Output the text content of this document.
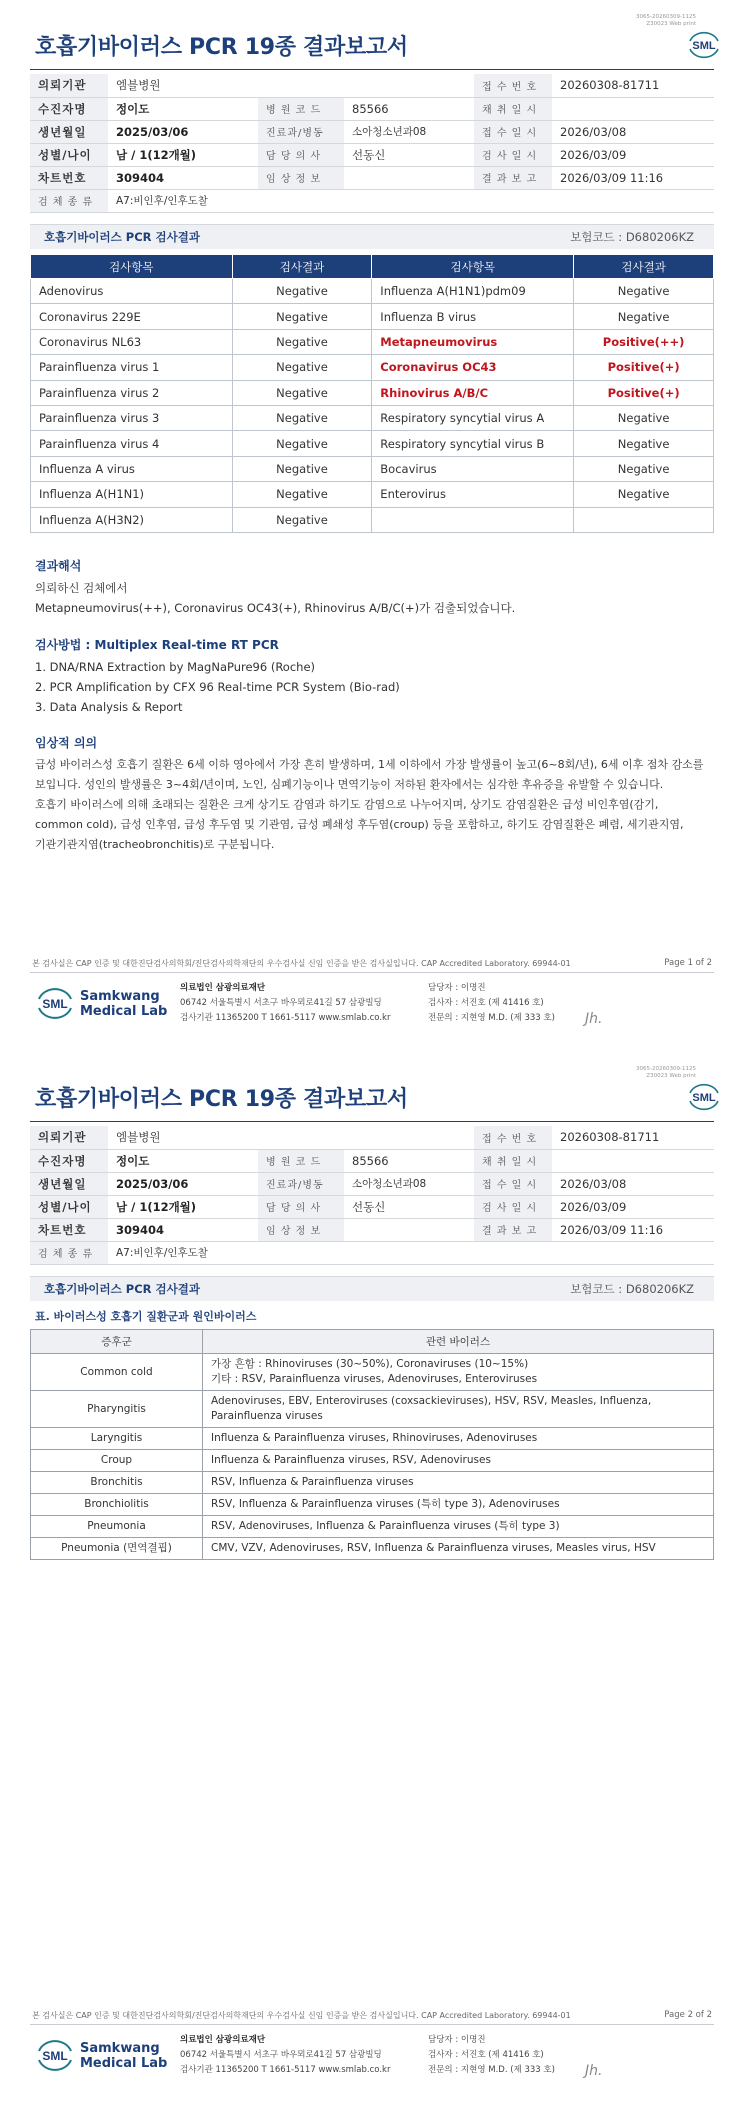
3065-20260309-1125
Z30023 Web print
호흡기바이러스 PCR 19종 결과보고서	SML
의뢰기관	엠블병원			접 수 번 호	20260308-81711
수진자명	정이도	병 원 코 드	85566	채 취 일 시	
생년월일	2025/03/06	진료과/병동	소아청소년과08	접 수 일 시	2026/03/08
성별/나이	남 / 1(12개월)	담 당 의 사	선동신	검 사 일 시	2026/03/09
차트번호	309404	임 상 정 보		결 과 보 고	2026/03/09 11:16
검 체 종 류	A7:비인후/인후도찰				
호흡기바이러스 PCR 검사결과	보험코드 : D680206KZ
검사항목	검사결과	검사항목	검사결과
Adenovirus	Negative	Influenza A(H1N1)pdm09	Negative
Coronavirus 229E	Negative	Influenza B virus	Negative
Coronavirus NL63	Negative	Metapneumovirus	Positive(++)
Parainfluenza virus 1	Negative	Coronavirus OC43	Positive(+)
Parainfluenza virus 2	Negative	Rhinovirus A/B/C	Positive(+)
Parainfluenza virus 3	Negative	Respiratory syncytial virus A	Negative
Parainfluenza virus 4	Negative	Respiratory syncytial virus B	Negative
Influenza A virus	Negative	Bocavirus	Negative
Influenza A(H1N1)	Negative	Enterovirus	Negative
Influenza A(H3N2)	Negative		
결과해석

의뢰하신 검체에서

Metapneumovirus(++), Coronavirus OC43(+), Rhinovirus A/B/C(+)가 검출되었습니다.

검사방법 : Multiplex Real-time RT PCR

1. DNA/RNA Extraction by MagNaPure96 (Roche)

2. PCR Amplification by CFX 96 Real-time PCR System (Bio-rad)

3. Data Analysis & Report

임상적 의의

급성 바이러스성 호흡기 질환은 6세 이하 영아에서 가장 흔히 발생하며, 1세 이하에서 가장 발생률이 높고(6~8회/년), 6세 이후 점차 감소를

보입니다. 성인의 발생률은 3~4회/년이며, 노인, 심폐기능이나 면역기능이 저하된 환자에서는 심각한 후유증을 유발할 수 있습니다.

호흡기 바이러스에 의해 초래되는 질환은 크게 상기도 감염과 하기도 감염으로 나누어지며, 상기도 감염질환은 급성 비인후염(감기,

common cold), 급성 인후염, 급성 후두염 및 기관염, 급성 폐쇄성 후두염(croup) 등을 포함하고, 하기도 감염질환은 폐렴, 세기관지염,

기관기관지염(tracheobronchitis)로 구분됩니다.

본 검사실은 CAP 인증 및 대한진단검사의학회/진단검사의학재단의 우수검사실 신임 인증을 받은 검사실입니다. CAP Accredited Laboratory. 69944-01	Page 1 of 2
SML Samkwang
Medical Lab
의료법인 삼광의료재단
06742 서울특별시 서초구 바우뫼로41길 57 삼광빌딩
검사기관 11365200 T 1661-5117 www.smlab.co.kr
담당자 : 이명진
검사자 : 서진호 (제 41416 호)
전문의 : 지현영 M.D. (제 333 호) Jh.
3065-20260309-1125
Z30023 Web print
호흡기바이러스 PCR 19종 결과보고서	SML
의뢰기관	엠블병원			접 수 번 호	20260308-81711
수진자명	정이도	병 원 코 드	85566	채 취 일 시	
생년월일	2025/03/06	진료과/병동	소아청소년과08	접 수 일 시	2026/03/08
성별/나이	남 / 1(12개월)	담 당 의 사	선동신	검 사 일 시	2026/03/09
차트번호	309404	임 상 정 보		결 과 보 고	2026/03/09 11:16
검 체 종 류	A7:비인후/인후도찰				
호흡기바이러스 PCR 검사결과	보험코드 : D680206KZ
표. 바이러스성 호흡기 질환군과 원인바이러스
증후군	관련 바이러스
Common cold	가장 흔함 : Rhinoviruses (30~50%), Coronaviruses (10~15%)
기타 : RSV, Parainfluenza viruses, Adenoviruses, Enteroviruses

Pharyngitis	Adenoviruses, EBV, Enteroviruses (coxsackieviruses), HSV, RSV, Measles, Influenza,
Parainfluenza viruses

Laryngitis	Influenza & Parainfluenza viruses, Rhinoviruses, Adenoviruses
Croup	Influenza & Parainfluenza viruses, RSV, Adenoviruses
Bronchitis	RSV, Influenza & Parainfluenza viruses
Bronchiolitis	RSV, Influenza & Parainfluenza viruses (특히 type 3), Adenoviruses
Pneumonia	RSV, Adenoviruses, Influenza & Parainfluenza viruses (특히 type 3)
Pneumonia (면역결핍)	CMV, VZV, Adenoviruses, RSV, Influenza & Parainfluenza viruses, Measles virus, HSV
본 검사실은 CAP 인증 및 대한진단검사의학회/진단검사의학재단의 우수검사실 신임 인증을 받은 검사실입니다. CAP Accredited Laboratory. 69944-01	Page 2 of 2
SML Samkwang
Medical Lab
의료법인 삼광의료재단
06742 서울특별시 서초구 바우뫼로41길 57 삼광빌딩
검사기관 11365200 T 1661-5117 www.smlab.co.kr
담당자 : 이명진
검사자 : 서진호 (제 41416 호)
전문의 : 지현영 M.D. (제 333 호) Jh.
